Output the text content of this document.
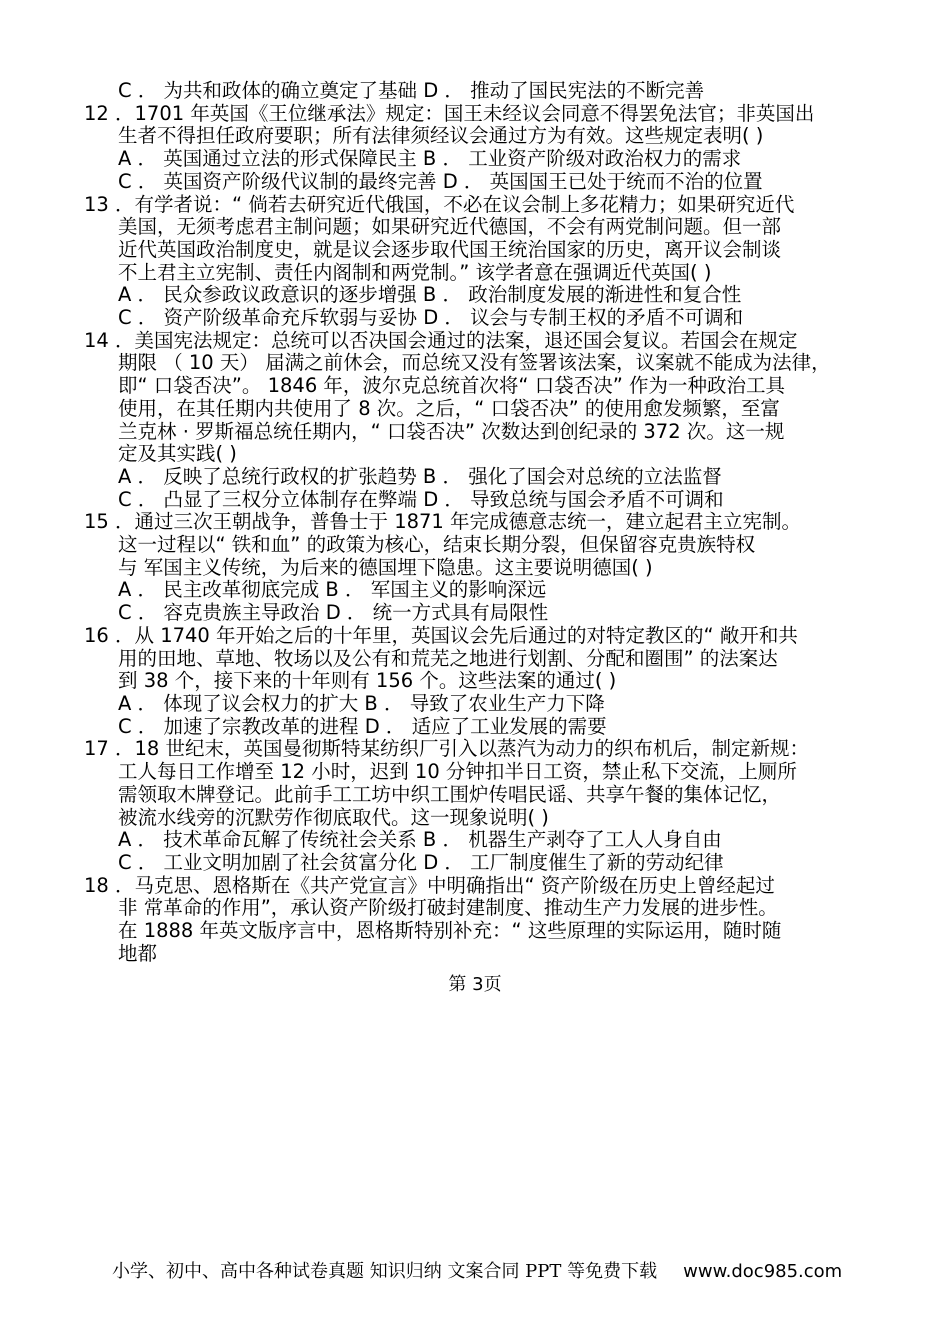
C ． 为共和政体的确立奠定了基础 D ． 推动了国民宪法的不断完善
12 ．1701 年英国《王位继承法》规定：国王未经议会同意不得罢免法官；非英国出
生者不得担任政府要职；所有法律须经议会通过方为有效。这些规定表明( )
A ． 英国通过立法的形式保障民主 B ． 工业资产阶级对政治权力的需求
C ． 英国资产阶级代议制的最终完善 D ． 英国国王已处于统而不治的位置
13 ．有学者说：“ 倘若去研究近代俄国，不必在议会制上多花精力；如果研究近代
美国，无须考虑君主制问题；如果研究近代德国，不会有两党制问题。但一部
近代英国政治制度史，就是议会逐步取代国王统治国家的历史，离开议会制谈
不上君主立宪制、责任内阁制和两党制。” 该学者意在强调近代英国( )
A ． 民众参政议政意识的逐步增强 B ． 政治制度发展的渐进性和复合性
C ． 资产阶级革命充斥软弱与妥协 D ． 议会与专制王权的矛盾不可调和
14 ．美国宪法规定：总统可以否决国会通过的法案，退还国会复议。若国会在规定
期限 （ 10 天） 届满之前休会，而总统又没有签署该法案，议案就不能成为法律，
即“ 口袋否决”。 1846 年，波尔克总统首次将“ 口袋否决” 作为一种政治工具
使用，在其任期内共使用了 8 次。之后，“ 口袋否决” 的使用愈发频繁，至富
兰克林 · 罗斯福总统任期内，“ 口袋否决” 次数达到创纪录的 372 次。这一规
定及其实践( )
A ． 反映了总统行政权的扩张趋势 B ． 强化了国会对总统的立法监督
C ． 凸显了三权分立体制存在弊端 D ． 导致总统与国会矛盾不可调和
15 ．通过三次王朝战争，普鲁士于 1871 年完成德意志统一，建立起君主立宪制。
这一过程以“ 铁和血” 的政策为核心，结束长期分裂，但保留容克贵族特权
与 军国主义传统，为后来的德国埋下隐患。这主要说明德国( )
A ． 民主改革彻底完成 B ． 军国主义的影响深远
C ． 容克贵族主导政治 D ． 统一方式具有局限性
16 ．从 1740 年开始之后的十年里，英国议会先后通过的对特定教区的“ 敞开和共
用的田地、草地、牧场以及公有和荒芜之地进行划割、分配和圈围” 的法案达
到 38 个，接下来的十年则有 156 个。这些法案的通过( )
A ． 体现了议会权力的扩大 B ． 导致了农业生产力下降
C ． 加速了宗教改革的进程 D ． 适应了工业发展的需要
17 ．18 世纪末，英国曼彻斯特某纺织厂引入以蒸汽为动力的织布机后，制定新规：
工人每日工作增至 12 小时，迟到 10 分钟扣半日工资，禁止私下交流，上厕所
需领取木牌登记。此前手工工坊中织工围炉传唱民谣、共享午餐的集体记忆，
被流水线旁的沉默劳作彻底取代。这一现象说明( )
A ． 技术革命瓦解了传统社会关系 B ． 机器生产剥夺了工人人身自由
C ． 工业文明加剧了社会贫富分化 D ． 工厂制度催生了新的劳动纪律
18 ．马克思、恩格斯在《共产党宣言》中明确指出“ 资产阶级在历史上曾经起过
非 常革命的作用”，承认资产阶级打破封建制度、推动生产力发展的进步性。
在 1888 年英文版序言中，恩格斯特别补充：“ 这些原理的实际运用，随时随
地都
第 3页
小学、初中、高中各种试卷真题 知识归纳 文案合同 PPT 等免费下载 www.doc985.com
